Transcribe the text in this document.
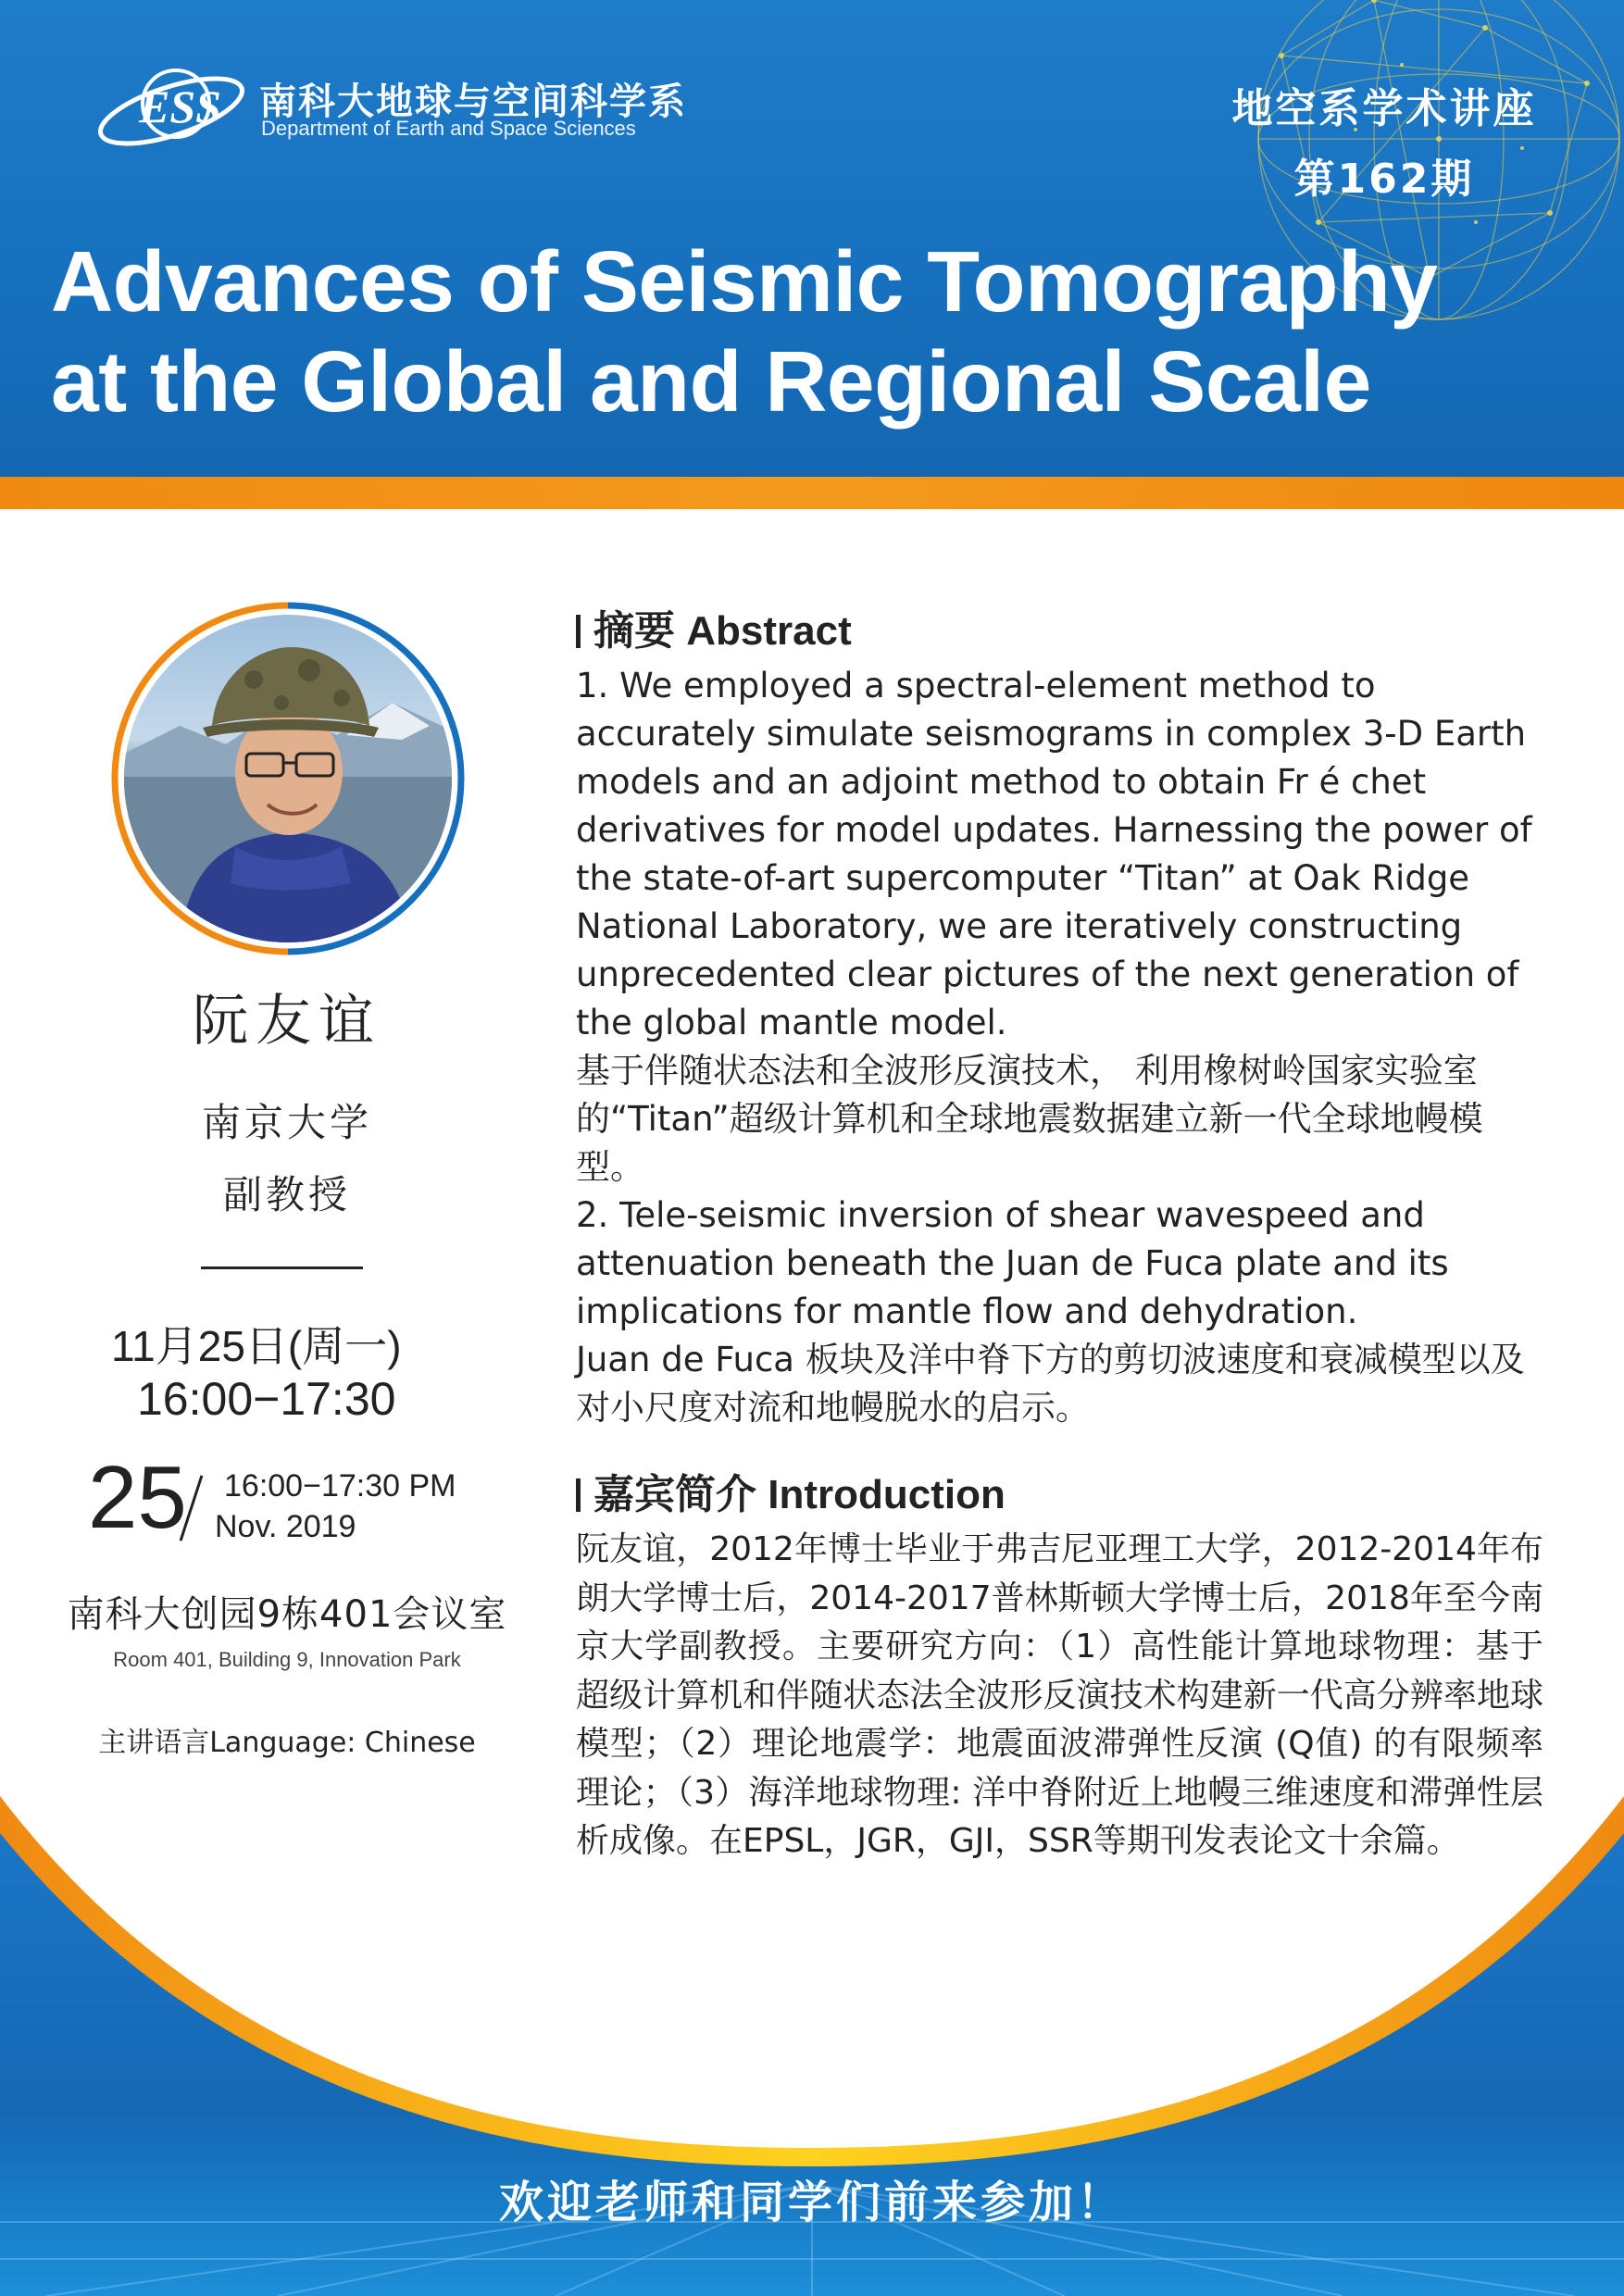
ESS 南科大地球与空间科学系
Department of Earth and Space Sciences	地空系学术讲座
第162期
Advances of Seismic Tomography
at the Global and Regional Scale
阮友谊
南京大学
副教授
11月25日(周一)
16:00−17:30
25 16:00−17:30 PM
Nov. 2019
南科大创园9栋401会议室
Room 401, Building 9, Innovation Park
主讲语言Language: Chinese
摘要 Abstract

1. We employed a spectral-element method to accurately simulate seismograms in complex 3-D Earth models and an adjoint method to obtain Fr é chet derivatives for model updates. Harnessing the power of the state-of-art supercomputer “Titan” at Oak Ridge National Laboratory, we are iteratively constructing unprecedented clear pictures of the next generation of the global mantle model.

基于伴随状态法和全波形反演技术， 利用橡树岭国家实验室的“Titan”超级计算机和全球地震数据建立新一代全球地幔模型。

2. Tele-seismic inversion of shear wavespeed and attenuation beneath the Juan de Fuca plate and its implications for mantle flow and dehydration.

Juan de Fuca 板块及洋中脊下方的剪切波速度和衰减模型以及对小尺度对流和地幔脱水的启示。

嘉宾简介 Introduction
阮友谊，2012年博士毕业于弗吉尼亚理工大学，2012-2014年布朗大学博士后，2014-2017普林斯顿大学博士后，2018年至今南京大学副教授。主要研究方向：（1）高性能计算地球物理：基于超级计算机和伴随状态法全波形反演技术构建新一代高分辨率地球模型；（2）理论地震学：地震面波滞弹性反演 (Q值) 的有限频率理论；（3）海洋地球物理: 洋中脊附近上地幔三维速度和滞弹性层析成像。在EPSL，JGR，GJI，SSR等期刊发表论文十余篇。
欢迎老师和同学们前来参加！
